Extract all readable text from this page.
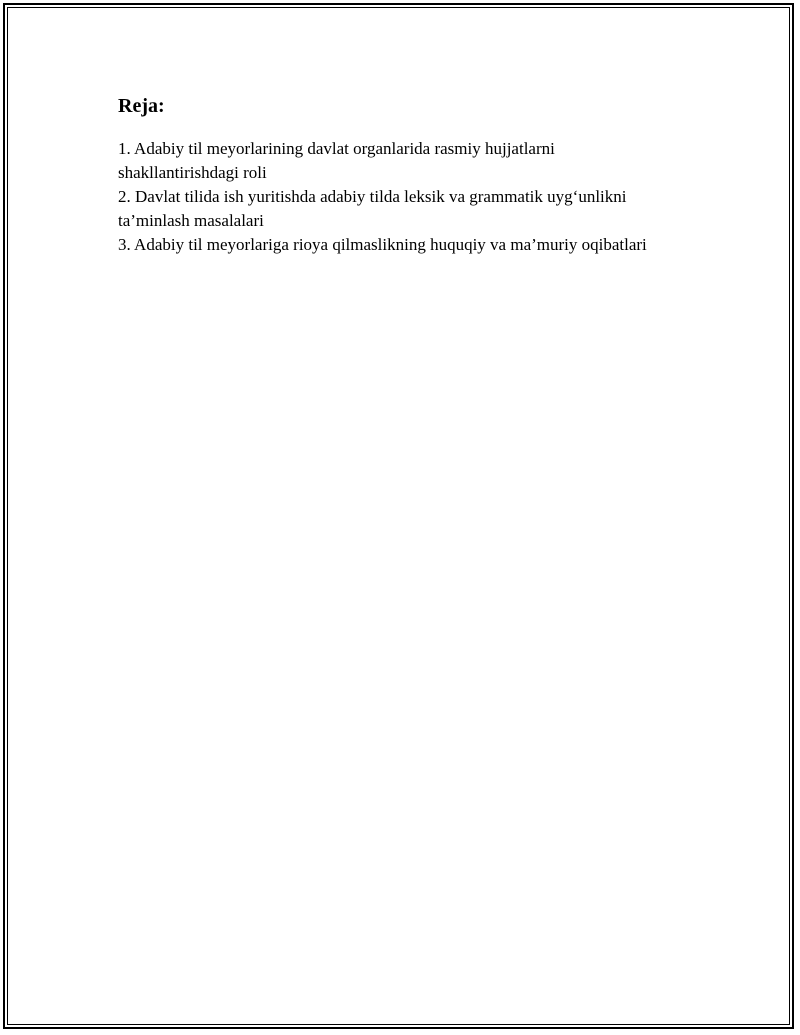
Reja:
1. Adabiy til meyorlarining davlat organlarida rasmiy hujjatlarni shakllantirishdagi roli
2. Davlat tilida ish yuritishda adabiy tilda leksik va grammatik uyg‘unlikni ta’minlash masalalari
3. Adabiy til meyorlariga rioya qilmaslikning huquqiy va ma’muriy oqibatlari
